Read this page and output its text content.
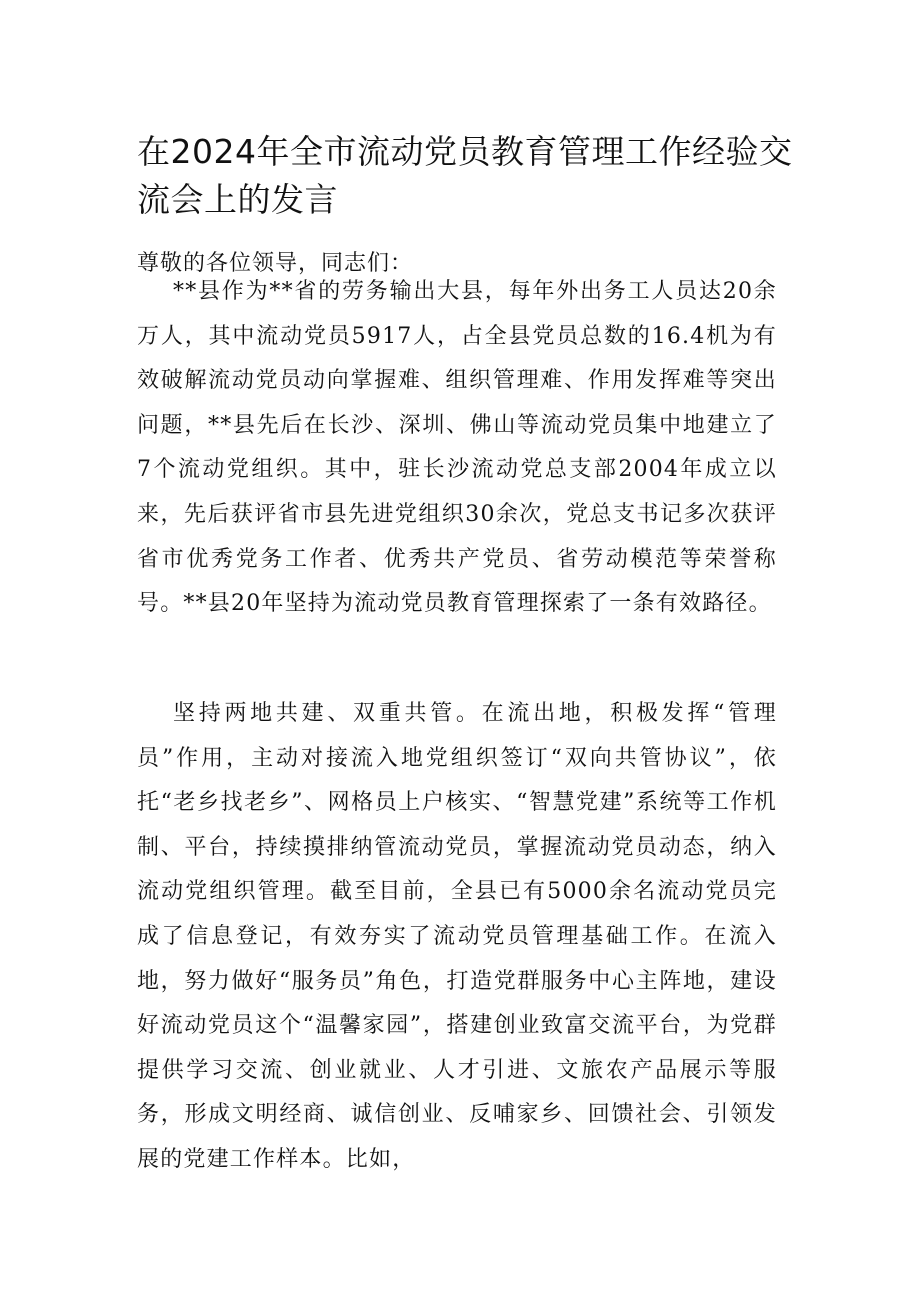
在2024年全市流动党员教育管理工作经验交流会上的发言

尊敬的各位领导，同志们：

**县作为**省的劳务输出大县，每年外出务工人员达20余万人，其中流动党员5917人，占全县党员总数的16.4机为有效破解流动党员动向掌握难、组织管理难、作用发挥难等突出问题，**县先后在长沙、深圳、佛山等流动党员集中地建立了7个流动党组织。其中，驻长沙流动党总支部2004年成立以来，先后获评省市县先进党组织30余次，党总支书记多次获评省市优秀党务工作者、优秀共产党员、省劳动模范等荣誉称号。**县20年坚持为流动党员教育管理探索了一条有效路径。

坚持两地共建、双重共管。在流出地，积极发挥“管理员”作用，主动对接流入地党组织签订“双向共管协议”，依托“老乡找老乡”、网格员上户核实、“智慧党建”系统等工作机制、平台，持续摸排纳管流动党员，掌握流动党员动态，纳入流动党组织管理。截至目前，全县已有5000余名流动党员完成了信息登记，有效夯实了流动党员管理基础工作。在流入地，努力做好“服务员”角色，打造党群服务中心主阵地，建设好流动党员这个“温馨家园”，搭建创业致富交流平台，为党群提供学习交流、创业就业、人才引进、文旅农产品展示等服务，形成文明经商、诚信创业、反哺家乡、回馈社会、引领发展的党建工作样本。比如，
